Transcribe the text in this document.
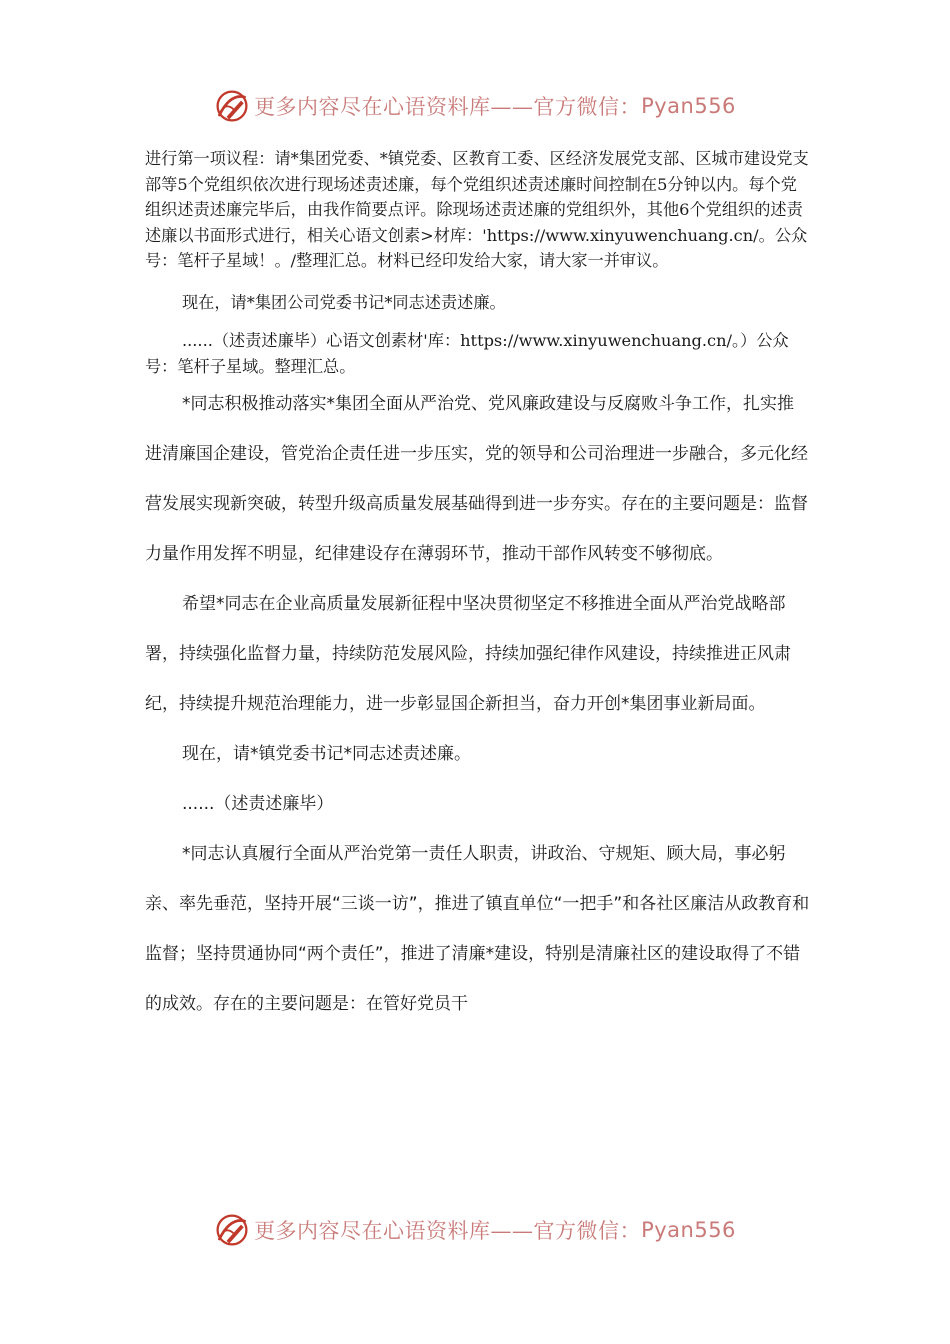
更多内容尽在心语资料库——官方微信： Pyan556

进行第一项议程：请*集团党委、*镇党委、区教育工委、区经济发展党支部、区城市建设党支部等5个党组织依次进行现场述责述廉，每个党组织述责述廉时间控制在5分钟以内。每个党组织述责述廉完毕后，由我作简要点评。除现场述责述廉的党组织外，其他6个党组织的述责述廉以书面形式进行，相关心语文创素>材库：'https://www.xinyuwenchuang.cn/。公众号：笔杆子星域！。/整理汇总。材料已经印发给大家，请大家一并审议。

现在，请*集团公司党委书记*同志述责述廉。

......（述责述廉毕）心语文创素材'库：https://www.xinyuwenchuang.cn/。）公众号：笔杆子星域。整理汇总。

*同志积极推动落实*集团全面从严治党、党风廉政建设与反腐败斗争工作，扎实推进清廉国企建设，管党治企责任进一步压实，党的领导和公司治理进一步融合，多元化经营发展实现新突破，转型升级高质量发展基础得到进一步夯实。存在的主要问题是：监督力量作用发挥不明显，纪律建设存在薄弱环节，推动干部作风转变不够彻底。

希望*同志在企业高质量发展新征程中坚决贯彻坚定不移推进全面从严治党战略部署，持续强化监督力量，持续防范发展风险，持续加强纪律作风建设，持续推进正风肃纪，持续提升规范治理能力，进一步彰显国企新担当，奋力开创*集团事业新局面。

现在，请*镇党委书记*同志述责述廉。

......（述责述廉毕）

*同志认真履行全面从严治党第一责任人职责，讲政治、守规矩、顾大局，事必躬亲、率先垂范，坚持开展“三谈一访”，推进了镇直单位“一把手”和各社区廉洁从政教育和监督；坚持贯通协同“两个责任”，推进了清廉*建设，特别是清廉社区的建设取得了不错的成效。存在的主要问题是：在管好党员干

更多内容尽在心语资料库——官方微信： Pyan556
